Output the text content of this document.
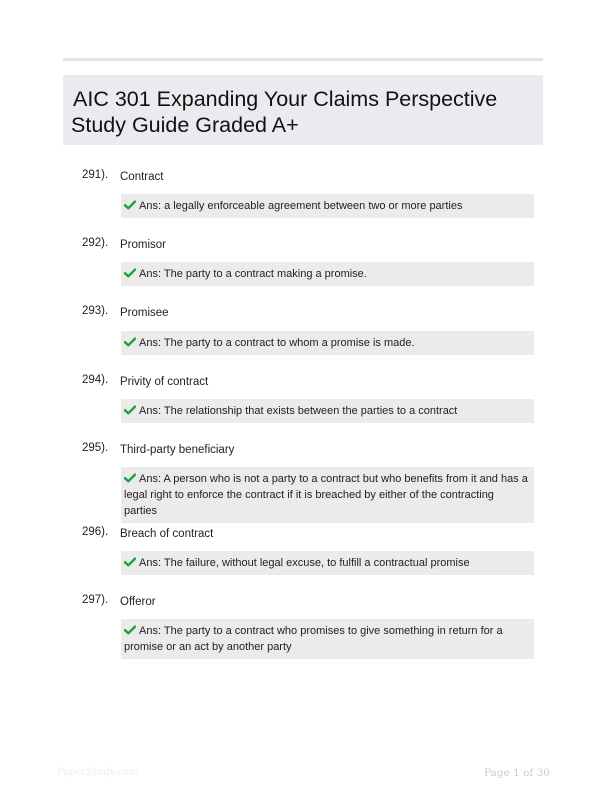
AIC 301 Expanding Your Claims Perspective
Study Guide Graded A+
291). Contract
Ans: a legally enforceable agreement between two or more parties
292). Promisor
Ans: The party to a contract making a promise.
293). Promisee
Ans: The party to a contract to whom a promise is made.
294). Privity of contract
Ans: The relationship that exists between the parties to a contract
295). Third-party beneficiary
Ans: A person who is not a party to a contract but who benefits from it and has a legal right to enforce the contract if it is breached by either of the contracting parties
296). Breach of contract
Ans: The failure, without legal excuse, to fulfill a contractual promise
297). Offeror
Ans: The party to a contract who promises to give something in return for a promise or an act by another party
PaperStudy.com	Page 1 of 30
